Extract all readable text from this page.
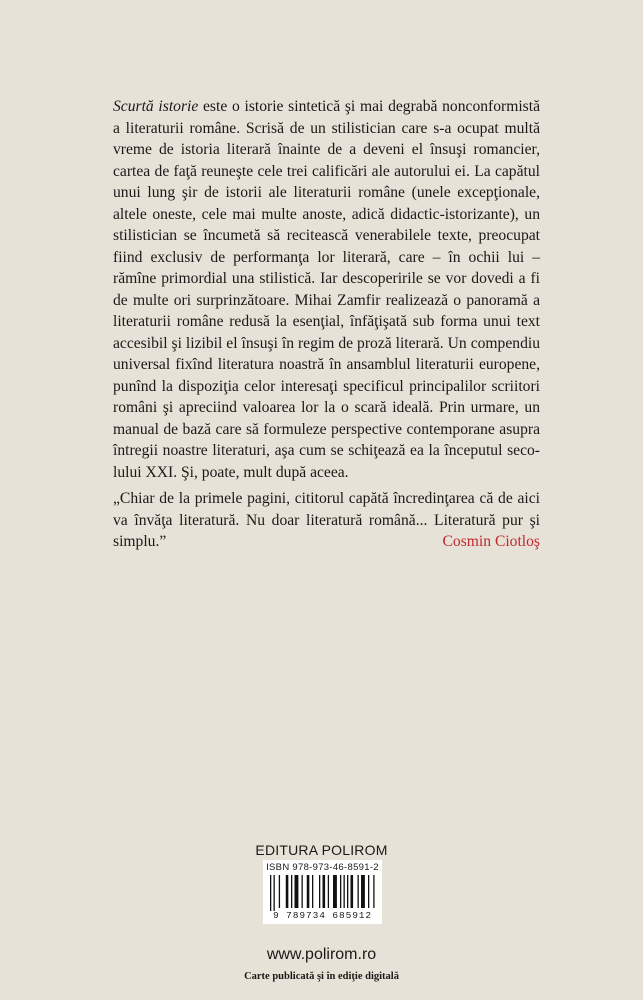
Scurtă istorie este o istorie sintetică şi mai degrabă nonconformistă a literaturii române. Scrisă de un stilistician care s-a ocupat multă vreme de istoria literară înainte de a deveni el însuşi romancier, cartea de faţă reuneşte cele trei calificări ale autorului ei. La capătul unui lung şir de istorii ale literaturii române (unele excepţionale, altele oneste, cele mai multe anoste, adică didactic-istorizante), un stilistician se încumetă să recitească venerabilele texte, preocupat fiind exclusiv de performanţa lor literară, care – în ochii lui – rămîne primordial una stilistică. Iar descoperirile se vor dovedi a fi de multe ori surprinzătoare. Mihai Zamfir realizează o panoramă a literaturii române redusă la esenţial, înfăţişată sub forma unui text accesibil şi lizibil el însuşi în regim de proză literară. Un compendiu universal fixînd literatura noastră în ansamblul literaturii europene, punînd la dispoziţia celor interesaţi specificul principalilor scriitori români şi apreciind valoarea lor la o scară ideală. Prin urmare, un manual de bază care să formuleze perspective contemporane asupra întregii noastre literaturi, aşa cum se schiţează ea la începutul secolului XXI. Şi, poate, mult după aceea.

„Chiar de la primele pagini, cititorul capătă încredinţarea că de aici va învăţa literatură. Nu doar literatură română... Literatură pur şi simplu.”	Cosmin Ciotloş
EDITURA POLIROM
ISBN 978-973-46-8591-2
9 789734 685912
www.polirom.ro
Carte publicată şi în ediţie digitală
